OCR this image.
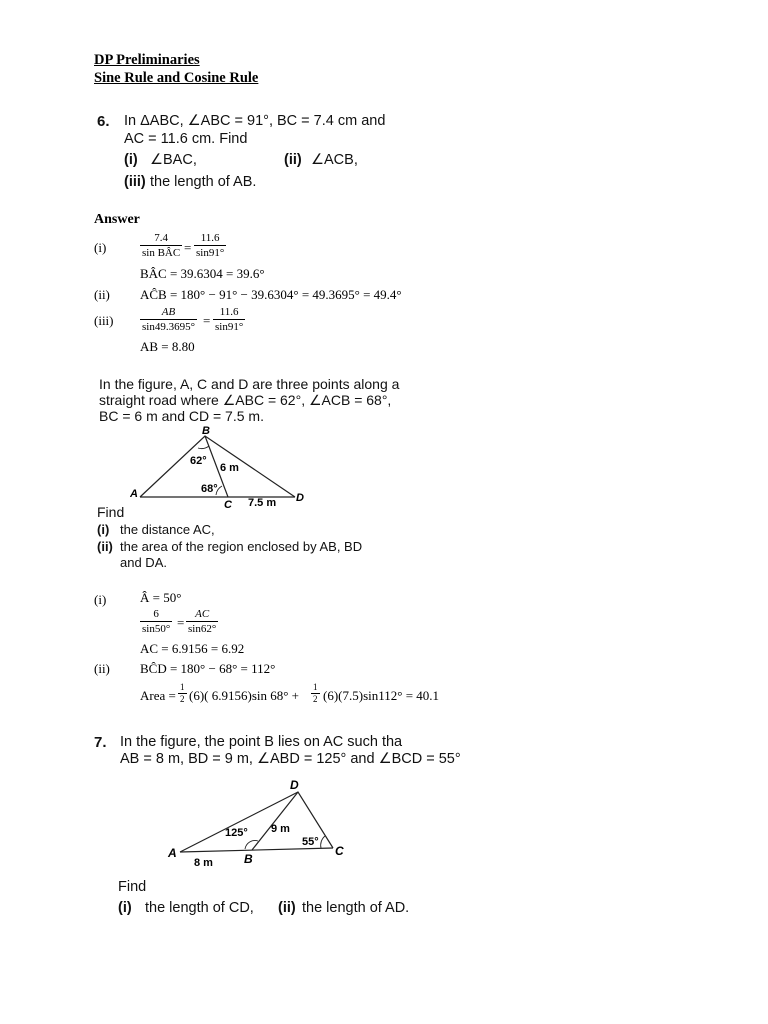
DP Preliminaries
Sine Rule and Cosine Rule
6. In ΔABC, ∠ABC = 91°, BC = 7.4 cm and
AC = 11.6 cm. Find
(i) ∠BAC,	(ii) ∠ACB,
(iii) the length of AB.
Answer
(i)
7.4
sin BÂC = $\frac{11.6}{\sin 91^\circ}$
BÂC = 39.6304 = 39.6°
(ii) AĈB = 180° − 91° − 39.6304° = 49.3695° = 49.4°
$(iii) \frac{AB}{\sin 49.3695^\circ} = \frac{11.6}{\sin 91^\circ}$
AB = 8.80
In the figure, A, C and D are three points along a
straight road where ∠ABC = 62°, ∠ACB = 68°,
BC = 6 m and CD = 7.5 m.
B
A
C
D
62°
68°
6 m
7.5 m
Find
(i) the distance AC,
(ii) the area of the region enclosed by AB, BD
and DA.
(i)	Â = 50°
$\frac{6}{\sin 50^\circ} = \frac{AC}{\sin 62^\circ}$
AC = 6.9156 = 6.92
(ii) BĈD = 180° − 68° = 112°
Area = $\frac{1}{2} (6)$( 6.9156)sin $68^\circ + \frac{1}{2} (6)(7.5)\sin 112^\circ = 40.1$
7. In the figure, the point B lies on AC such tha
AB = 8 m, BD = 9 m, ∠ABD = 125° and ∠BCD = 55°
D
A	B
C
125°
55°
9 m
8 m
Find
(i) the length of CD, (ii) the length of AD.
